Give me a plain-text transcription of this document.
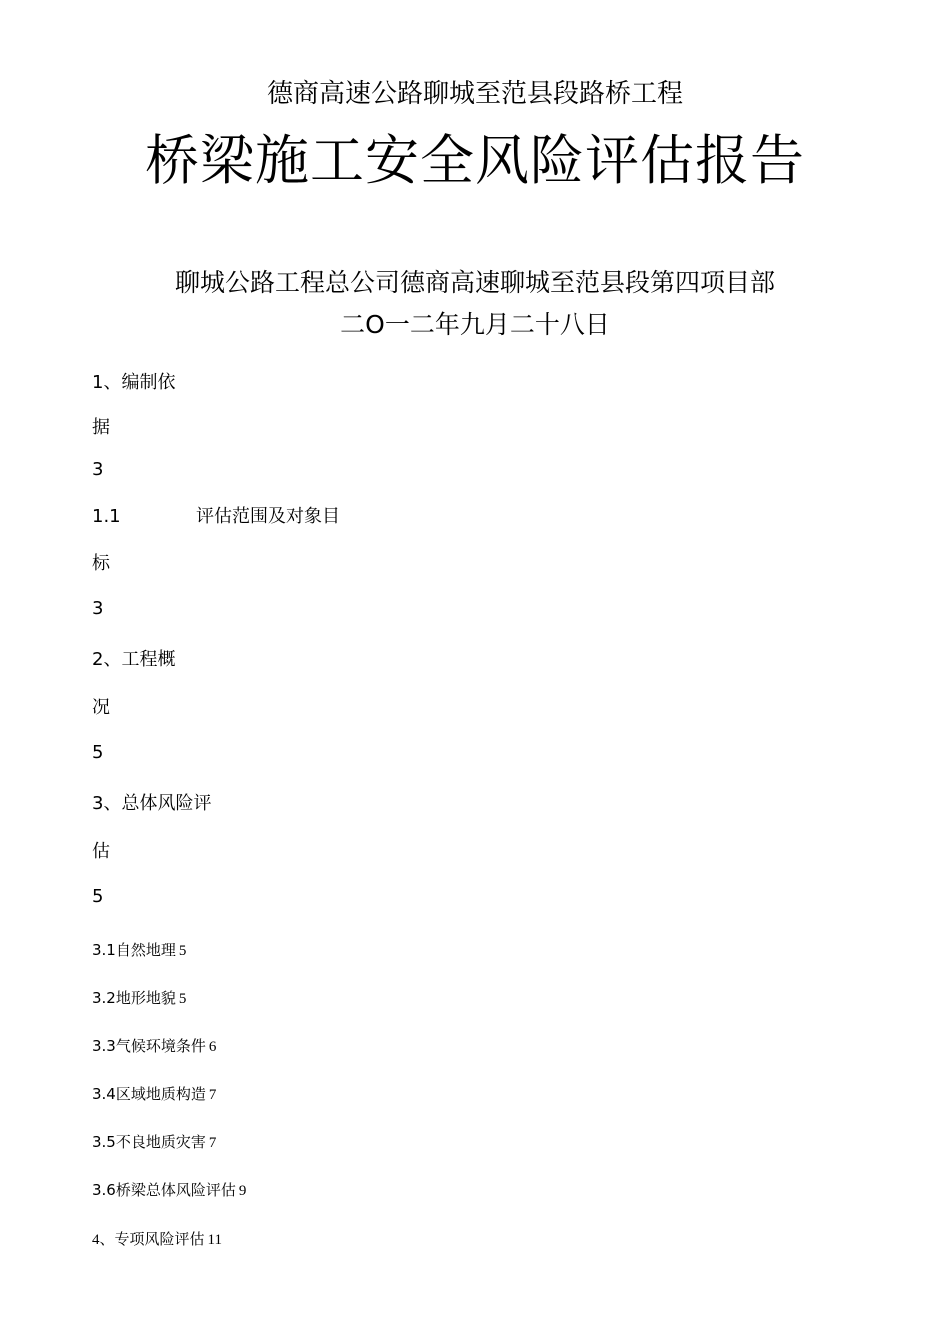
德商高速公路聊城至范县段路桥工程
桥梁施工安全风险评估报告
聊城公路工程总公司德商高速聊城至范县段第四项目部
二O一二年九月二十八日
1、编制依
据
3
1.1	评估范围及对象目
标
3
2、工程概
况
5
3、总体风险评
估
5
3.1自然地理 5
3.2地形地貌 5
3.3气候环境条件 6
3.4区域地质构造 7
3.5不良地质灾害 7
3.6桥梁总体风险评估 9
4、专项风险评估 11
